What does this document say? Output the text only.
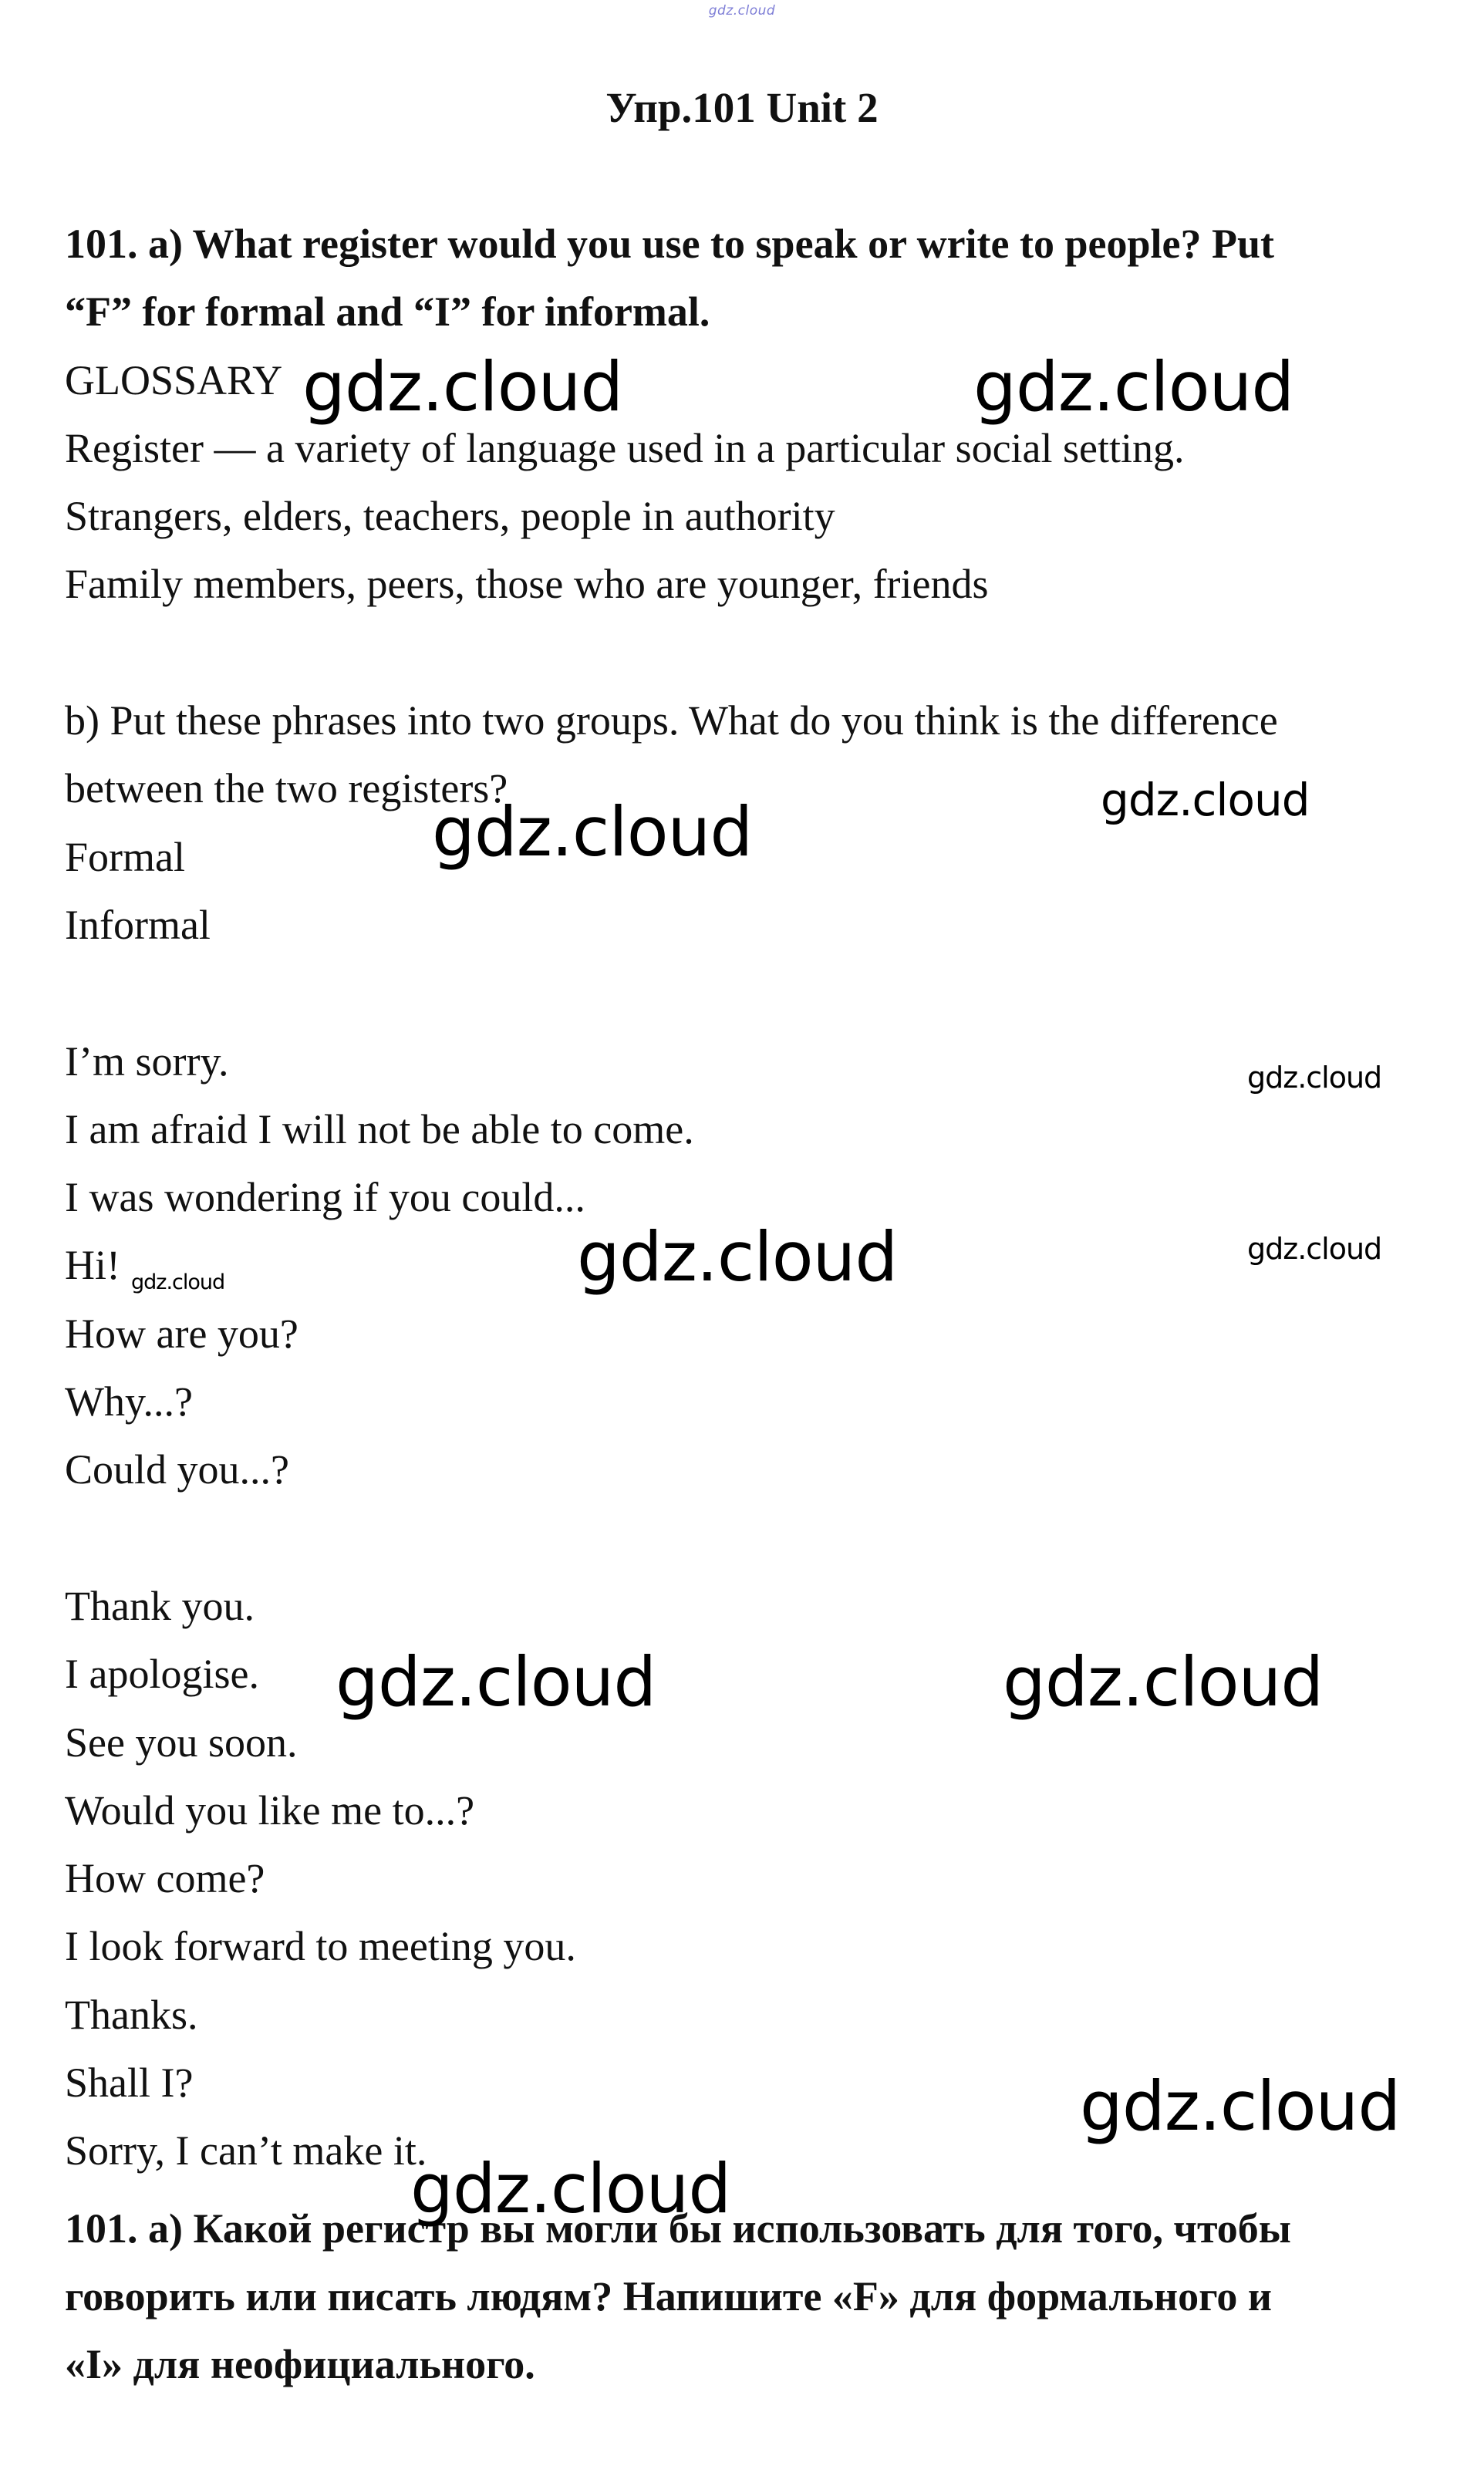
gdz.cloud
Упр.101 Unit 2
101. a) What register would you use to speak or write to people? Put
“F” for formal and “I” for informal.
GLOSSARY
Register — a variety of language used in a particular social setting.
Strangers, elders, teachers, people in authority
Family members, peers, those who are younger, friends
b) Put these phrases into two groups. What do you think is the difference
between the two registers?
Formal
Informal
I’m sorry.
I am afraid I will not be able to come.
I was wondering if you could...
Hi!
How are you?
Why...?
Could you...?
Thank you.
I apologise.
See you soon.
Would you like me to...?
How come?
I look forward to meeting you.
Thanks.
Shall I?
Sorry, I can’t make it.
101. а) Какой регистр вы могли бы использовать для того, чтобы
говорить или писать людям? Напишите «F» для формального и
«I» для неофициального.
gdz.cloud	gdz.cloud
gdz.cloud
gdz.cloud
gdz.cloud
gdz.cloud	gdz.cloud	gdz.cloud
gdz.cloud	gdz.cloud
gdz.cloud
gdz.cloud
